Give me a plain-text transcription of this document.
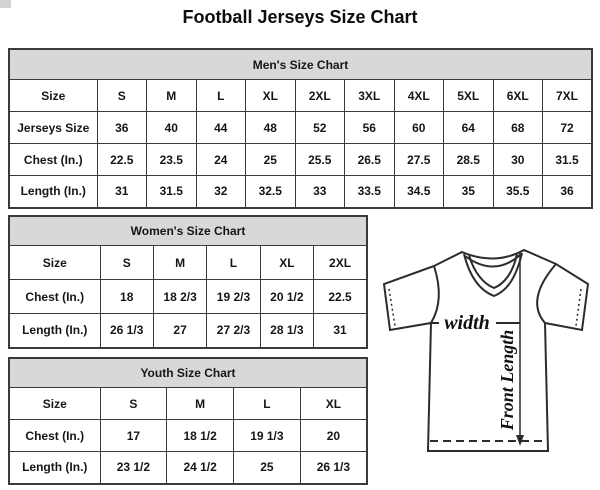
Football Jerseys Size Chart
Men's Size Chart										
Size	S	M	L	XL	2XL	3XL	4XL	5XL	6XL	7XL
Jerseys Size	36	40	44	48	52	56	60	64	68	72
Chest (In.)	22.5	23.5	24	25	25.5	26.5	27.5	28.5	30	31.5
Length (In.)	31	31.5	32	32.5	33	33.5	34.5	35	35.5	36
Women's Size Chart					
Size	S	M	L	XL	2XL
Chest (In.)	18	18 2/3	19 2/3	20 1/2	22.5
Length (In.)	26 1/3	27	27 2/3	28 1/3	31
Youth Size Chart				
Size	S	M	L	XL
Chest (In.)	17	18 1/2	19 1/3	20
Length (In.)	23 1/2	24 1/2	25	26 1/3
width
Front Length
